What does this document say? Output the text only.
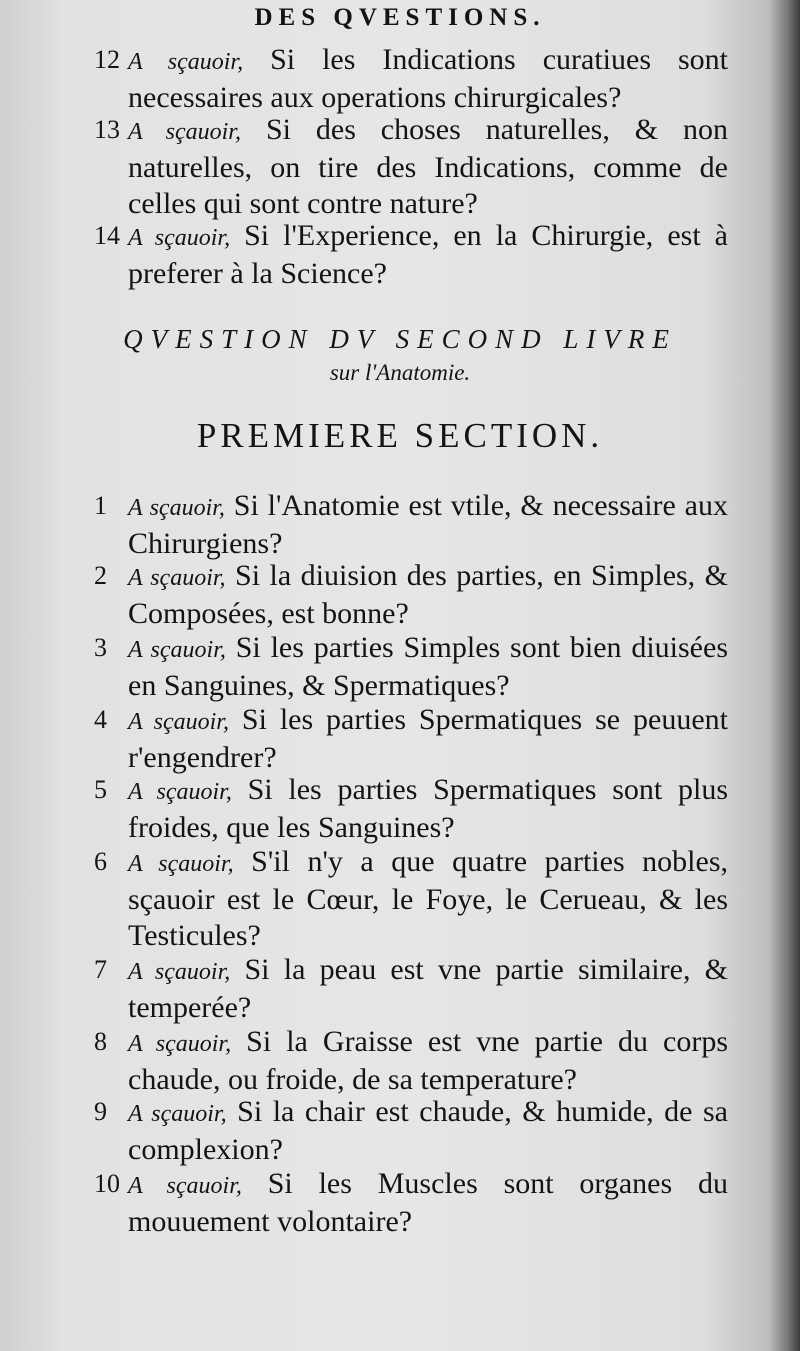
DES QVESTIONS.

12 A sçauoir, Si les Indications curatiues sont necessaires aux operations chirurgicales?

13 A sçauoir, Si des choses naturelles, & non naturelles, on tire des Indications, comme de celles qui sont contre nature?

14 A sçauoir, Si l'Experience, en la Chirurgie, est à preferer à la Science?

QVESTION DV SECOND LIVRE
sur l'Anatomie.
PREMIERE SECTION.

1 A sçauoir, Si l'Anatomie est vtile, & necessaire aux Chirurgiens?

2 A sçauoir, Si la diuision des parties, en Simples, & Composées, est bonne?

3 A sçauoir, Si les parties Simples sont bien diuisées en Sanguines, & Spermatiques?

4 A sçauoir, Si les parties Spermatiques se peuuent r'engendrer?

5 A sçauoir, Si les parties Spermatiques sont plus froides, que les Sanguines?

6 A sçauoir, S'il n'y a que quatre parties nobles, sçauoir est le Cœur, le Foye, le Cerueau, & les Testicules?

7 A sçauoir, Si la peau est vne partie similaire, & temperée?

8 A sçauoir, Si la Graisse est vne partie du corps chaude, ou froide, de sa temperature?

9 A sçauoir, Si la chair est chaude, & humide, de sa complexion?

10 A sçauoir, Si les Muscles sont organes du mouuement volontaire?
